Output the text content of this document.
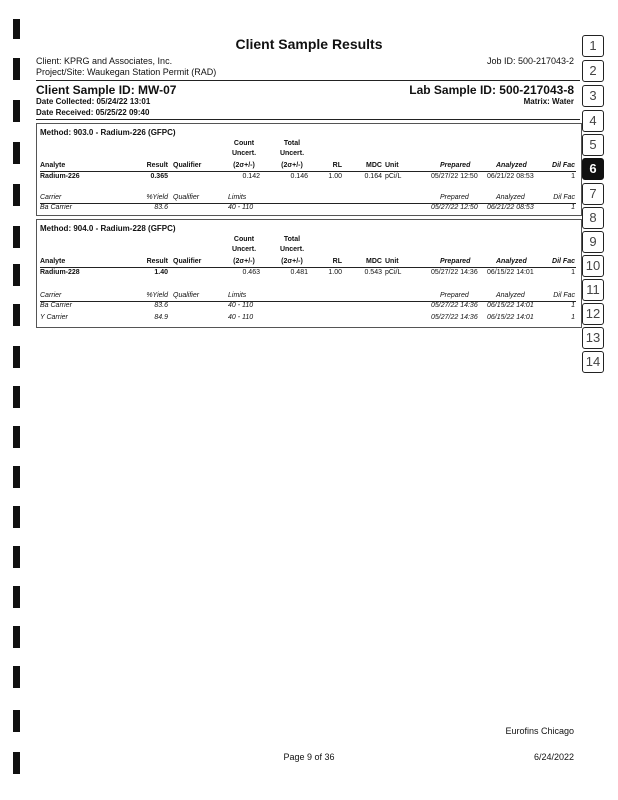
1
2
3
4
5
6
7
8
9
10
11
12
13
14
Client Sample Results
Client: KPRG and Associates, Inc.	Job ID: 500-217043-2
Project/Site: Waukegan Station Permit (RAD)
Client Sample ID: MW-07	Lab Sample ID: 500-217043-8
Date Collected: 05/24/22 13:01	Matrix: Water
Date Received: 05/25/22 09:40
Method: 903.0 - Radium-226 (GFPC)
Count	Total
Uncert.	Uncert.
Analyte	Result Qualifier	(2σ+/-)	(2σ+/-)	RL	MDC Unit	Prepared	Analyzed	Dil Fac
Radium-226	0.365	0.142	0.146	1.00	0.164 pCi/L	05/27/22 12:50 06/21/22 08:53	1
Carrier	%Yield Qualifier	Limits	Prepared	Analyzed	Dil Fac
Ba Carrier	83.6	40 - 110	05/27/22 12:50 06/21/22 08:53	1
Method: 904.0 - Radium-228 (GFPC)
Count	Total
Uncert.	Uncert.
Analyte	Result Qualifier	(2σ+/-)	(2σ+/-)	RL	MDC Unit	Prepared	Analyzed	Dil Fac
Radium-228	1.40	0.463	0.481	1.00	0.543 pCi/L	05/27/22 14:36 06/15/22 14:01	1
Carrier	%Yield Qualifier	Limits	Prepared	Analyzed	Dil Fac
Ba Carrier	83.6	40 - 110	05/27/22 14:36 06/15/22 14:01	1
Y Carrier	84.9	40 - 110	05/27/22 14:36 06/15/22 14:01	1
Eurofins Chicago
Page 9 of 36	6/24/2022
